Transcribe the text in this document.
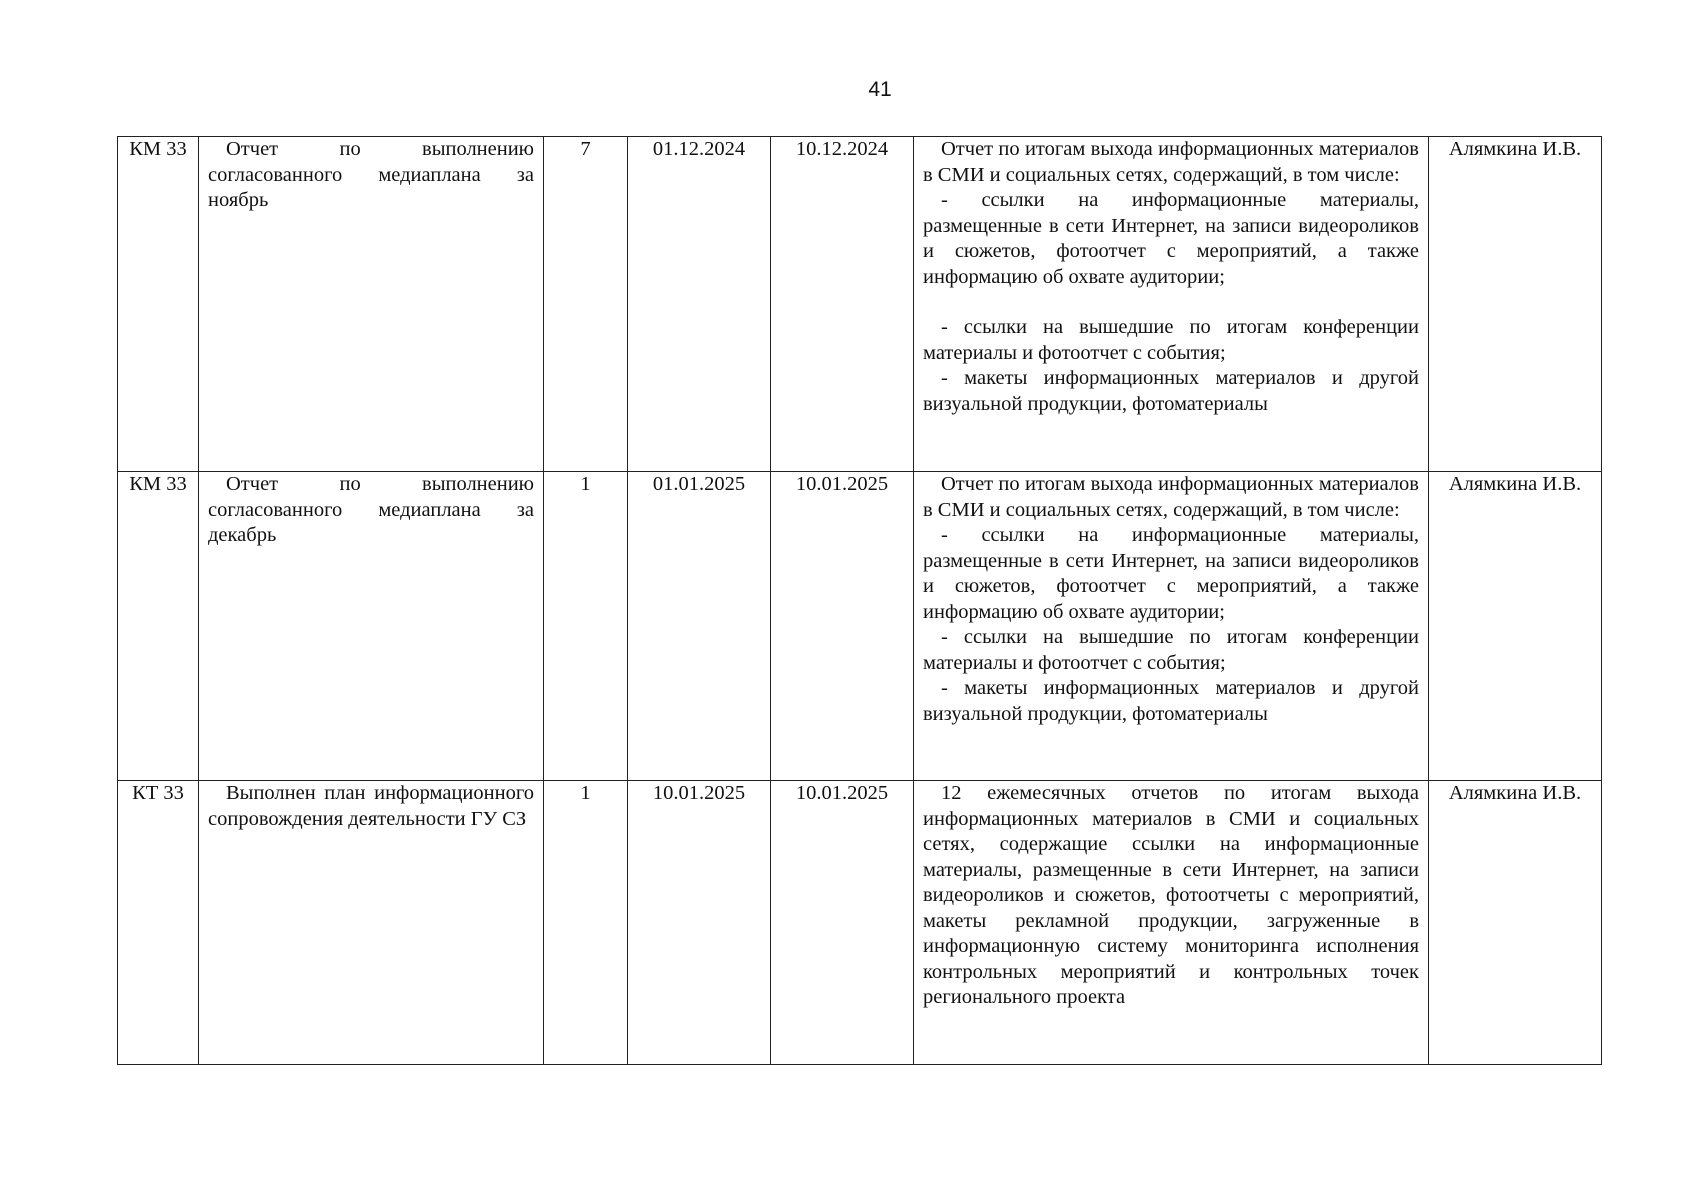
41
КМ 33	Отчет по выполнению согласованного медиаплана за ноябрь	7	01.12.2024	10.12.2024	Отчет по итогам выхода информационных материалов в СМИ и социальных сетях, содержащий, в том числе:
- ссылки на информационные материалы, размещенные в сети Интернет, на записи видеороликов и сюжетов, фотоотчет с мероприятий, а также информацию об охвате аудитории;
- ссылки на вышедшие по итогам конференции материалы и фотоотчет с события;
- макеты информационных материалов и другой визуальной продукции, фотоматериалы	Алямкина И.В.
КМ 33	Отчет по выполнению согласованного медиаплана за декабрь	1	01.01.2025	10.01.2025	Отчет по итогам выхода информационных материалов в СМИ и социальных сетях, содержащий, в том числе:
- ссылки на информационные материалы, размещенные в сети Интернет, на записи видеороликов и сюжетов, фотоотчет с мероприятий, а также информацию об охвате аудитории;
- ссылки на вышедшие по итогам конференции материалы и фотоотчет с события;
- макеты информационных материалов и другой визуальной продукции, фотоматериалы	Алямкина И.В.
КТ 33	Выполнен план информационного сопровождения деятельности ГУ СЗ	1	10.01.2025	10.01.2025	12 ежемесячных отчетов по итогам выхода информационных материалов в СМИ и социальных сетях, содержащие ссылки на информационные материалы, размещенные в сети Интернет, на записи видеороликов и сюжетов, фотоотчеты с мероприятий, макеты рекламной продукции, загруженные в информационную систему мониторинга исполнения контрольных мероприятий и контрольных точек регионального проекта	Алямкина И.В.
